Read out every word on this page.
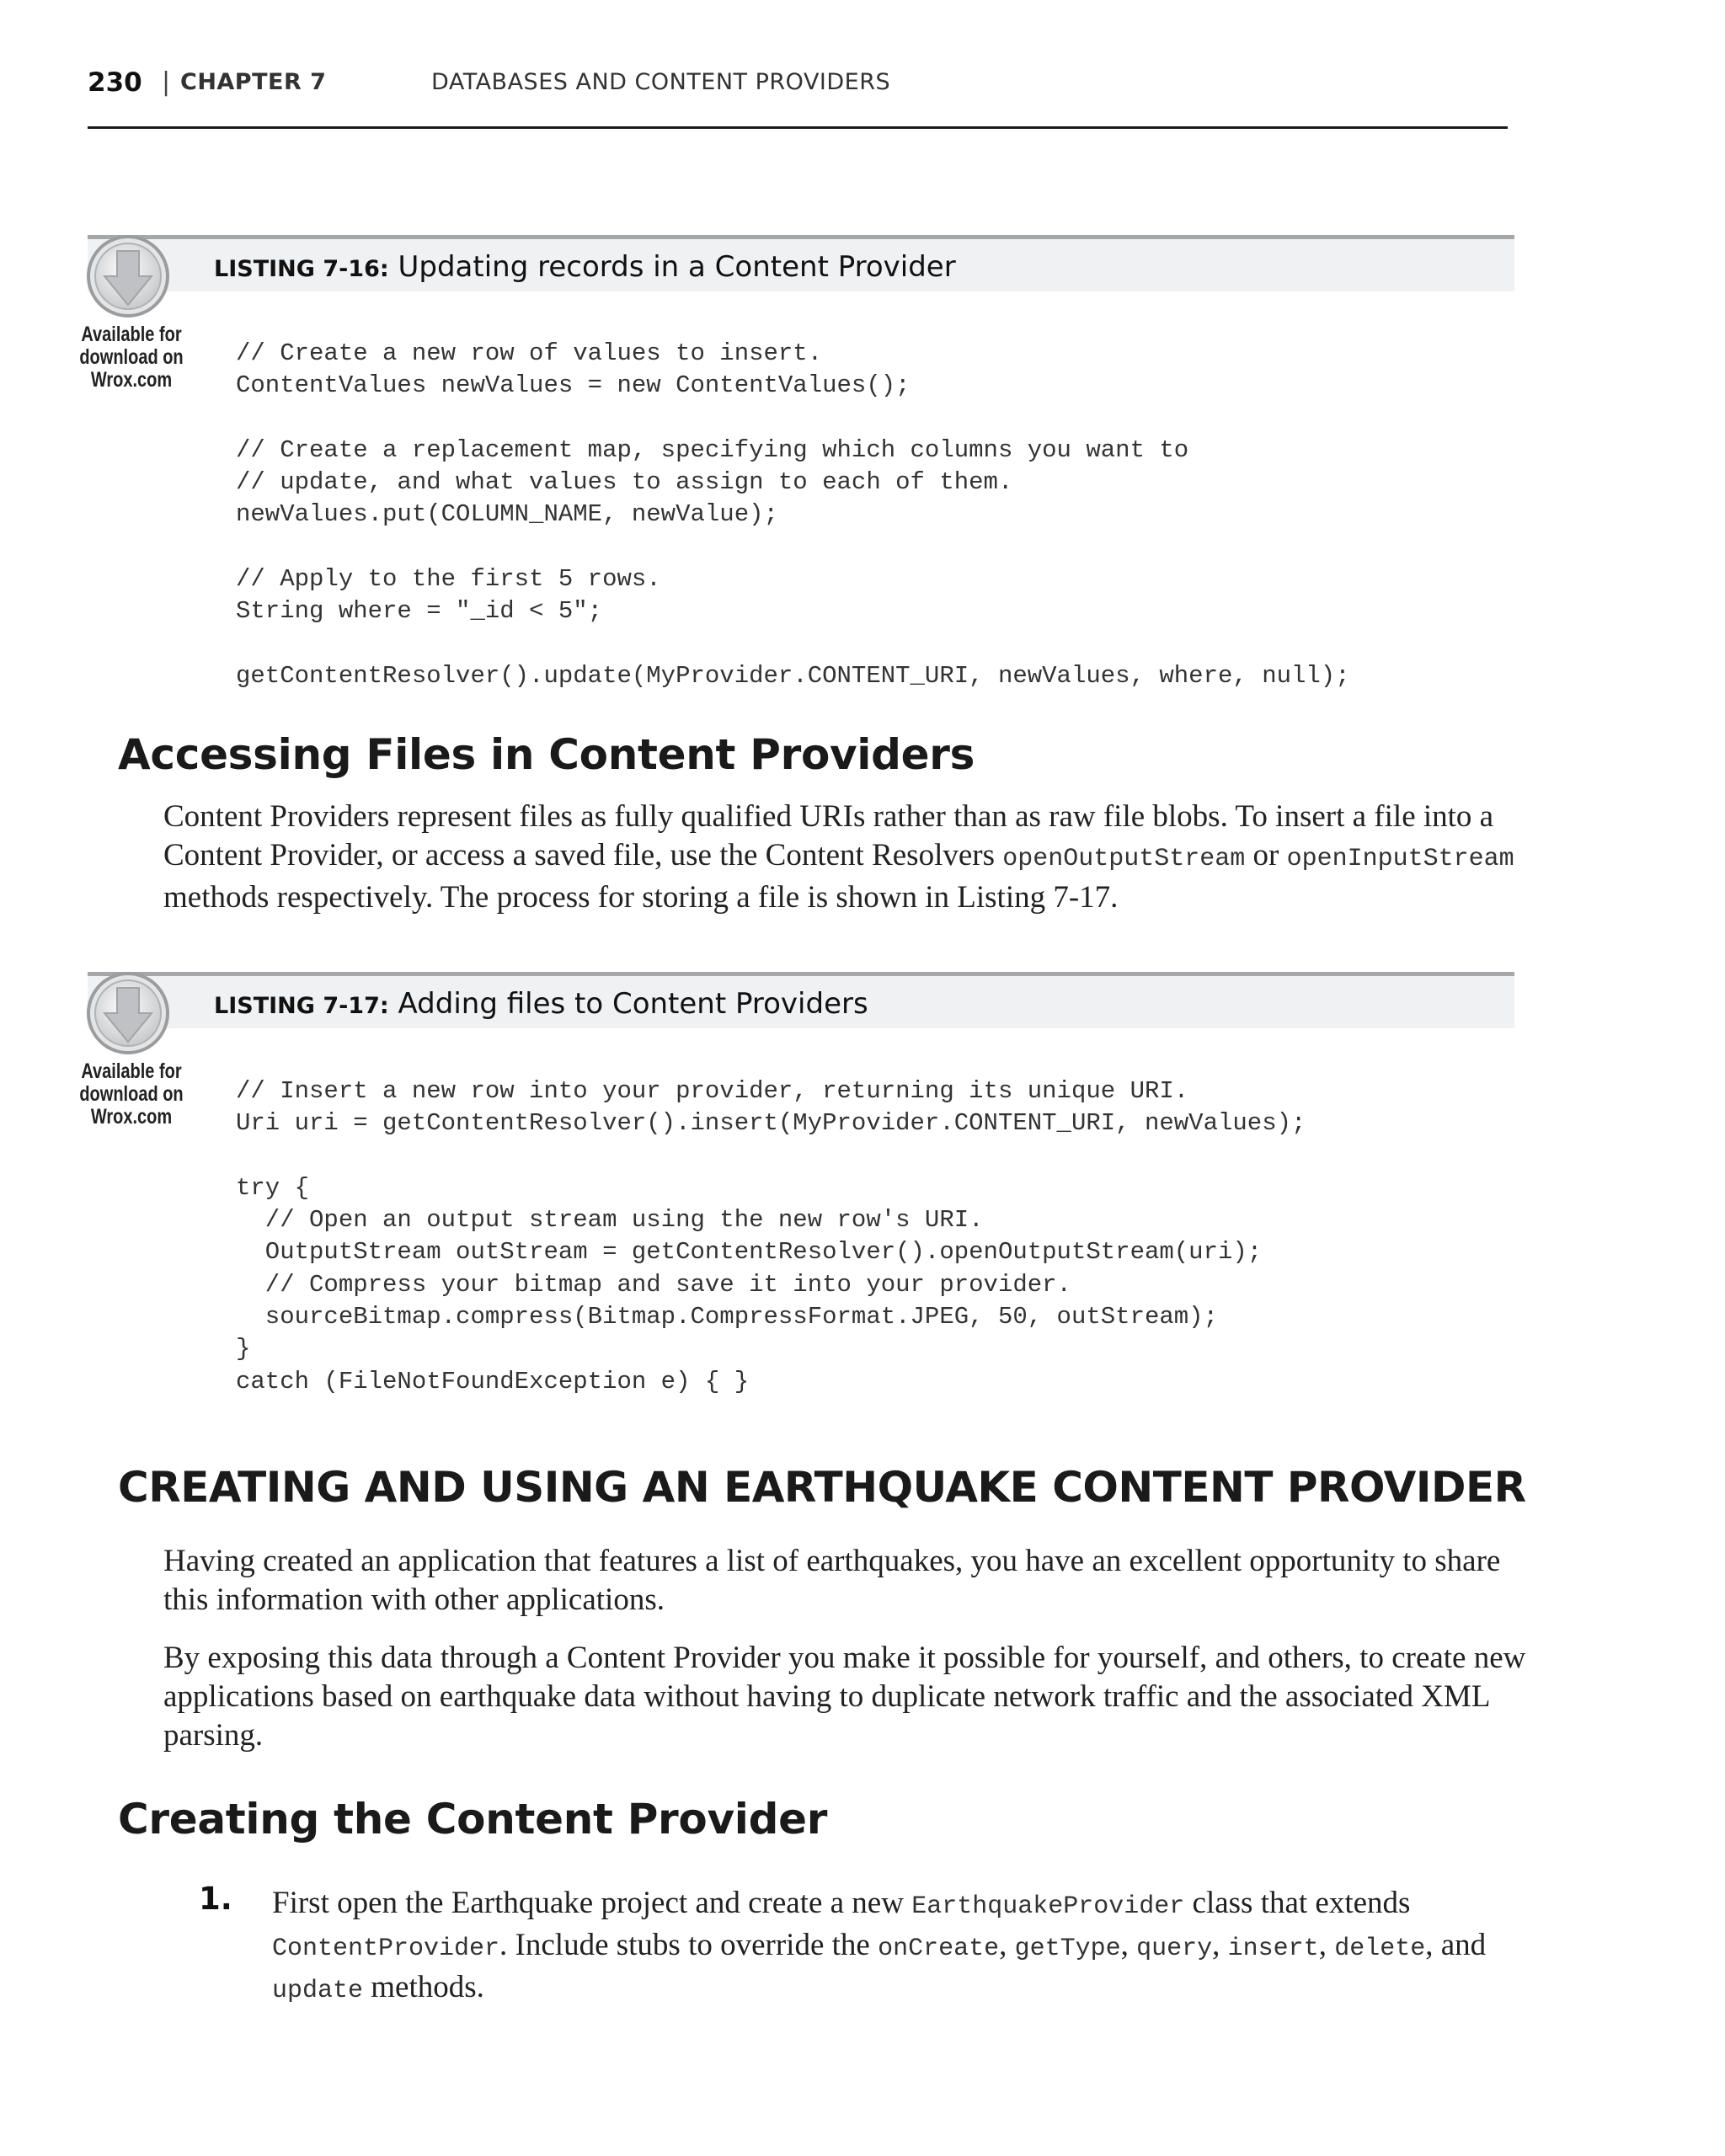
230 | CHAPTER 7	DATABASES AND CONTENT PROVIDERS
LISTING 7-16: Updating records in a Content Provider
Available for
download on
Wrox.com
// Create a new row of values to insert.
ContentValues newValues = new ContentValues();

// Create a replacement map, specifying which columns you want to
// update, and what values to assign to each of them.
newValues.put(COLUMN_NAME, newValue);

// Apply to the first 5 rows.
String where = "_id < 5";

getContentResolver().update(MyProvider.CONTENT_URI, newValues, where, null);
Accessing Files in Content Providers

Content Providers represent files as fully qualified URIs rather than as raw file blobs. To insert a file into a Content Provider, or access a saved file, use the Content Resolvers openOutputStream or openInputStream methods respectively. The process for storing a file is shown in Listing 7-17.

LISTING 7-17: Adding files to Content Providers
Available for
download on
Wrox.com
// Insert a new row into your provider, returning its unique URI.
Uri uri = getContentResolver().insert(MyProvider.CONTENT_URI, newValues);

try {
// Open an output stream using the new row's URI.
OutputStream outStream = getContentResolver().openOutputStream(uri);
// Compress your bitmap and save it into your provider.
sourceBitmap.compress(Bitmap.CompressFormat.JPEG, 50, outStream);
}
catch (FileNotFoundException e) { }
CREATING AND USING AN EARTHQUAKE CONTENT PROVIDER

Having created an application that features a list of earthquakes, you have an excellent opportunity to share this information with other applications.

By exposing this data through a Content Provider you make it possible for yourself, and others, to create new applications based on earthquake data without having to duplicate network traffic and the associated XML parsing.

Creating the Content Provider
1. First open the Earthquake project and create a new EarthquakeProvider class that extends ContentProvider. Include stubs to override the onCreate, getType, query, insert, delete, and update methods.
